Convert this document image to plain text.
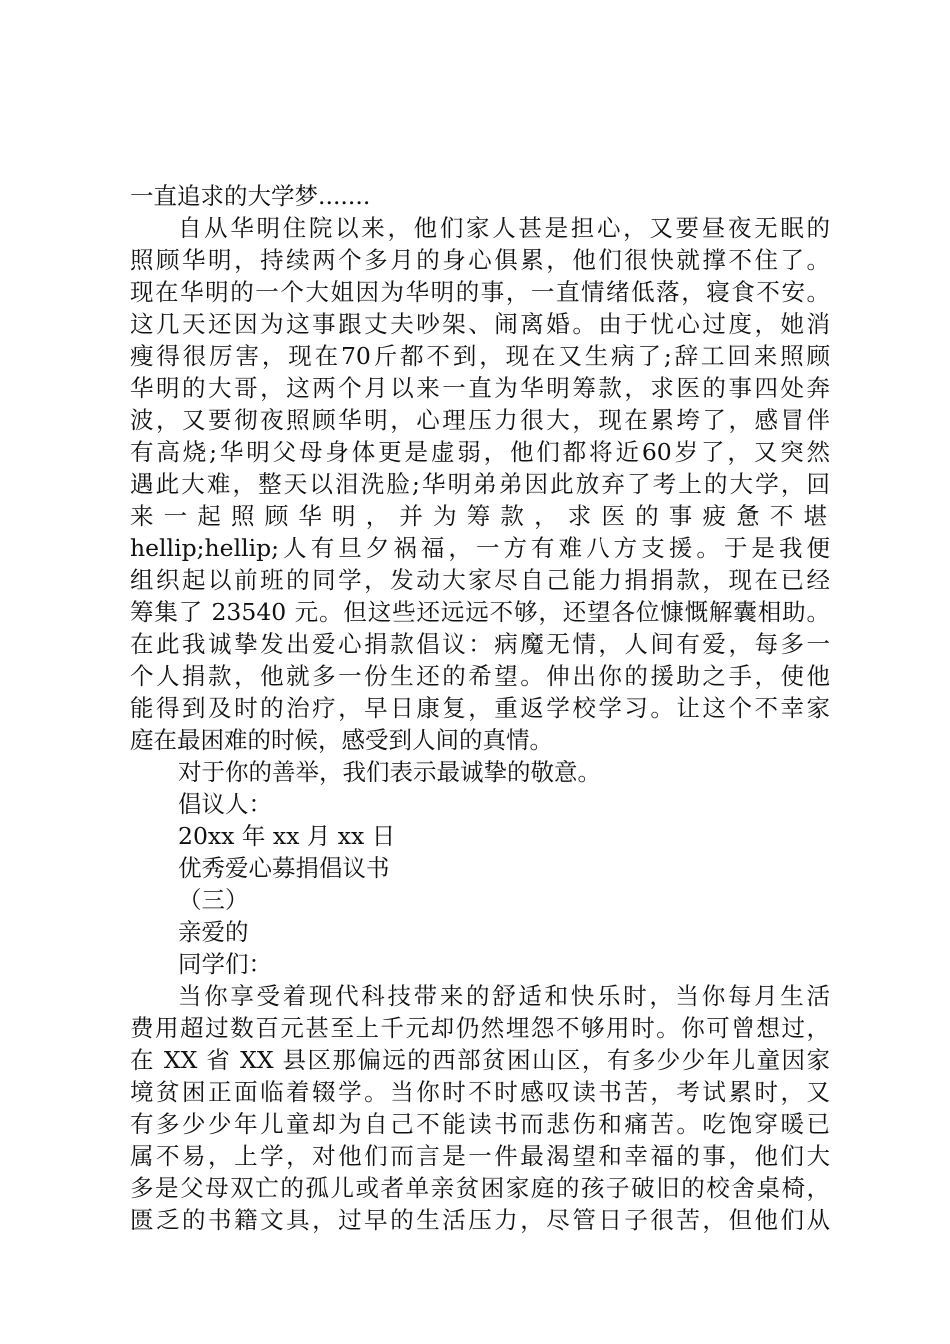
一直追求的大学梦.......
自从华明住院以来，他们家人甚是担心，又要昼夜无眠的
照顾华明，持续两个多月的身心俱累，他们很快就撑不住了。
现在华明的一个大姐因为华明的事，一直情绪低落，寝食不安。
这几天还因为这事跟丈夫吵架、闹离婚。由于忧心过度，她消
瘦得很厉害，现在70斤都不到，现在又生病了;辞工回来照顾
华明的大哥，这两个月以来一直为华明筹款，求医的事四处奔
波，又要彻夜照顾华明，心理压力很大，现在累垮了，感冒伴
有高烧;华明父母身体更是虚弱，他们都将近60岁了，又突然
遇此大难，整天以泪洗脸;华明弟弟因此放弃了考上的大学，回
来一起照顾华明，并为筹款，求医的事疲惫不堪
hellip;hellip;人有旦夕祸福，一方有难八方支援。于是我便
组织起以前班的同学，发动大家尽自己能力捐捐款，现在已经
筹集了 23540 元。但这些还远远不够，还望各位慷慨解囊相助。
在此我诚挚发出爱心捐款倡议：病魔无情，人间有爱，每多一
个人捐款，他就多一份生还的希望。伸出你的援助之手，使他
能得到及时的治疗，早日康复，重返学校学习。让这个不幸家
庭在最困难的时候，感受到人间的真情。
对于你的善举，我们表示最诚挚的敬意。
倡议人：
20xx 年 xx 月 xx 日
优秀爱心募捐倡议书
（三）
亲爱的
同学们：
当你享受着现代科技带来的舒适和快乐时，当你每月生活
费用超过数百元甚至上千元却仍然埋怨不够用时。你可曾想过，
在 XX 省 XX 县区那偏远的西部贫困山区，有多少少年儿童因家
境贫困正面临着辍学。当你时不时感叹读书苦，考试累时，又
有多少少年儿童却为自己不能读书而悲伤和痛苦。吃饱穿暖已
属不易，上学，对他们而言是一件最渴望和幸福的事，他们大
多是父母双亡的孤儿或者单亲贫困家庭的孩子破旧的校舍桌椅，
匮乏的书籍文具，过早的生活压力，尽管日子很苦，但他们从
